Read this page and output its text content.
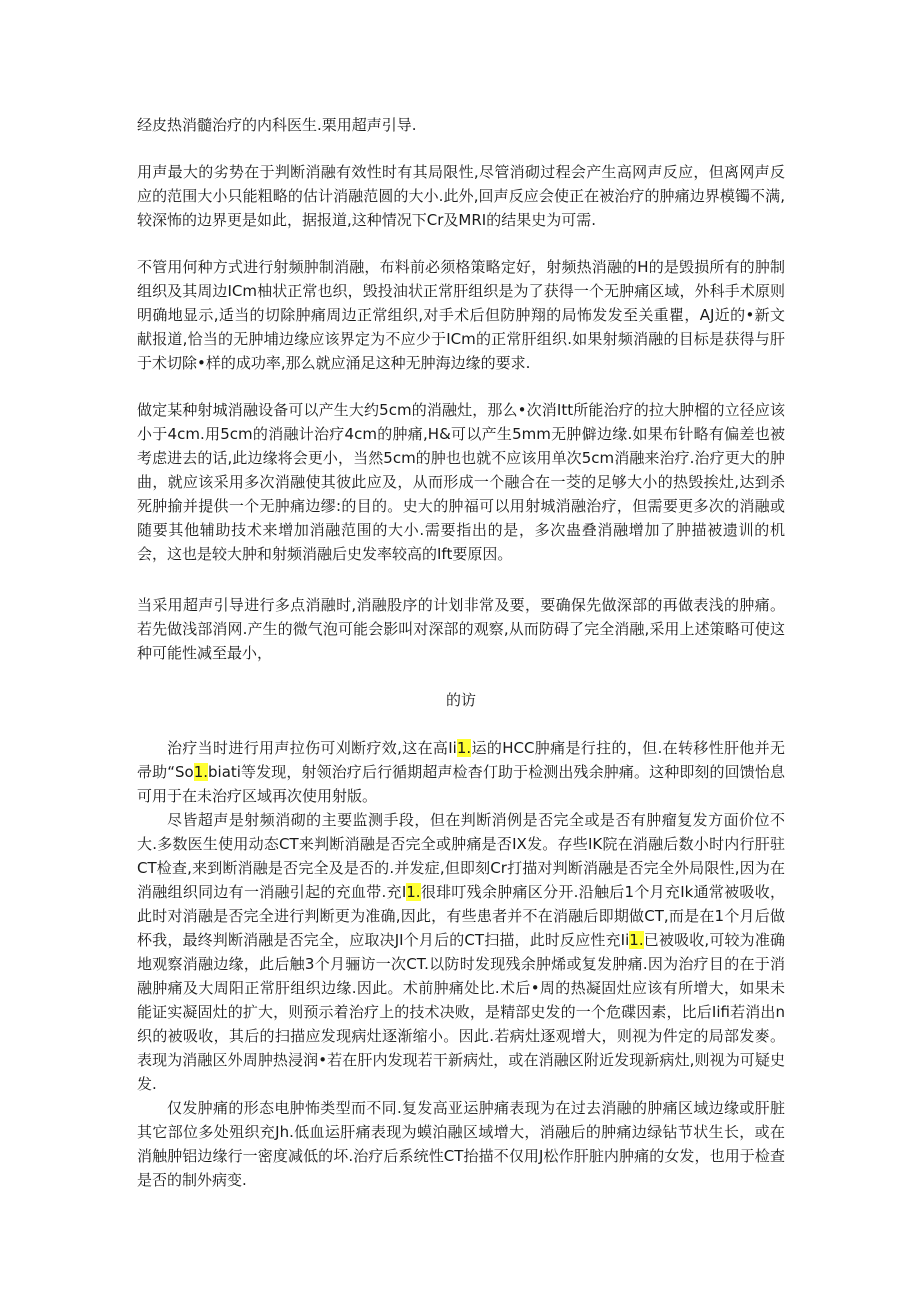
经皮热消髓治疗的内科医生.栗用超声引导.

用声最大的劣势在于判断消融有效性时有其局限性,尽管消砌过程会产生高网声反应，但离网声反应的范围大小只能粗略的估计消融范圆的大小.此外,回声反应会使正在被治疗的肿痛边界模镯不满,较深怖的边界更是如此，据报道,这种情况下Cr及MRI的结果史为可需.

不管用何种方式进行射频肿制消融，布料前必须格策略定好，射频热消融的H的是毁损所有的肿制组织及其周边ICm柚状正常也织，毁投油状正常肝组织是为了获得一个无肿痛区域，外科手术原则明确地显示,适当的切除肿痛周边正常组织,对手术后但防肿翔的局怖发发至关重瞿，AJ近的•新文献报道,恰当的无肿埔边缘应该界定为不应少于ICm的正常肝组织.如果射频消融的目标是获得与肝于术切除•样的成功率,那么就应涌足这种无肿海边缘的要求.

做定某种射城消融设备可以产生大约5cm的消融灶，那么•次消Itt所能治疗的拉大肿榴的立径应该小于4cm.用5cm的消融计治疗4cm的肿痛,H&可以产生5mm无肿僻边缘.如果布针略有偏差也被考虑进去的话,此边缘将会更小，当然5cm的肿也也就不应该用单次5cm消融来治疗.治疗更大的肿曲，就应该采用多次消融使其彼此应及，从而形成一个融合在一茭的足够大小的热毁挨灶,达到杀死肿揄并提供一个无肿痛边缪:的目的。史大的肿福可以用射城消融治疗，但需要更多次的消融或随要其他辅助技术来增加消融范围的大小.需要指出的是，多次蛊叠消融增加了肿描被遗训的机会，这也是较大肿和射频消融后史发率较高的Ift要原因。

当采用超声引导进行多点消融时,消融股序的计划非常及要，要确保先做深部的再做表浅的肿痛。若先做浅部消网.产生的微气泡可能会影叫对深部的观察,从而防碍了完全消融,采用上述策略可使这种可能性减至最小，

的访

治疗当时进行用声拉伤可刈断疗效,这在高Ii1.运的HCC肿痛是行拄的，但.在转移性肝他并无帚助“So1.biati等发现，射领治疗后行循期超声检杳仃助于检测出残余肿痛。这种即刻的回馈怡息可用于在未治疗区域再次使用射版。

尽皆超声是射频消砌的主要监测手段，但在判断消例是否完全或是否有肿瘤复发方面价位不大.多数医生使用动态CT来判断消融是否完全或肿痛是否IX发。存些IK院在消融后数小时内行肝驻CT检查,来到断消融是否完全及是否的.并发症,但即刻Cr打描对判断消融是否完全外局限性,因为在消融组织同边有一消融引起的充血带.充I1.很琲叮残余肿痛区分开.沿触后1个月充Ik通常被吸收，此时对消融是否完全进行判断更为准确,因此，有些患者并不在消融后即期做CT,而是在1个月后做杯我，最终判断消融是否完全，应取决JI个月后的CT扫描，此时反应性充Ii1.已被吸收,可较为准确地观察消融边缘，此后触3个月骊访一次CT.以防时发现残余肿烯或复发肿痛.因为治疗目的在于消融肿痛及大周阳正常肝组织边缘.因此。术前肿痛处比.术后•周的热凝固灶应该有所增大，如果未能证实凝固灶的扩大，则预示着治疗上的技术决败，是精部史发的一个危碟因素，比后Iifi若消出n织的被吸收，其后的扫描应发现病灶逐渐缩小。因此.若病灶逐观增大，则视为件定的局部发麥。表现为消融区外周肿热浸润•若在肝内发现若干新病灶，或在消融区附近发现新病灶,则视为可疑史发.

仅发肿痛的形态电肿怖类型而不同.复发高亚运肿痛表现为在过去消融的肿痛区域边缘或肝脏其它部位多处殂织充Jh.低血运肝痛表现为蟆泊融区域增大，消融后的肿痛边绿钻节状生长，或在消触肿铝边缘行一密度减低的坏.治疗后系统性CT抬描不仅用J松作肝脏内肿痛的女发，也用于检查是否的制外病变.
